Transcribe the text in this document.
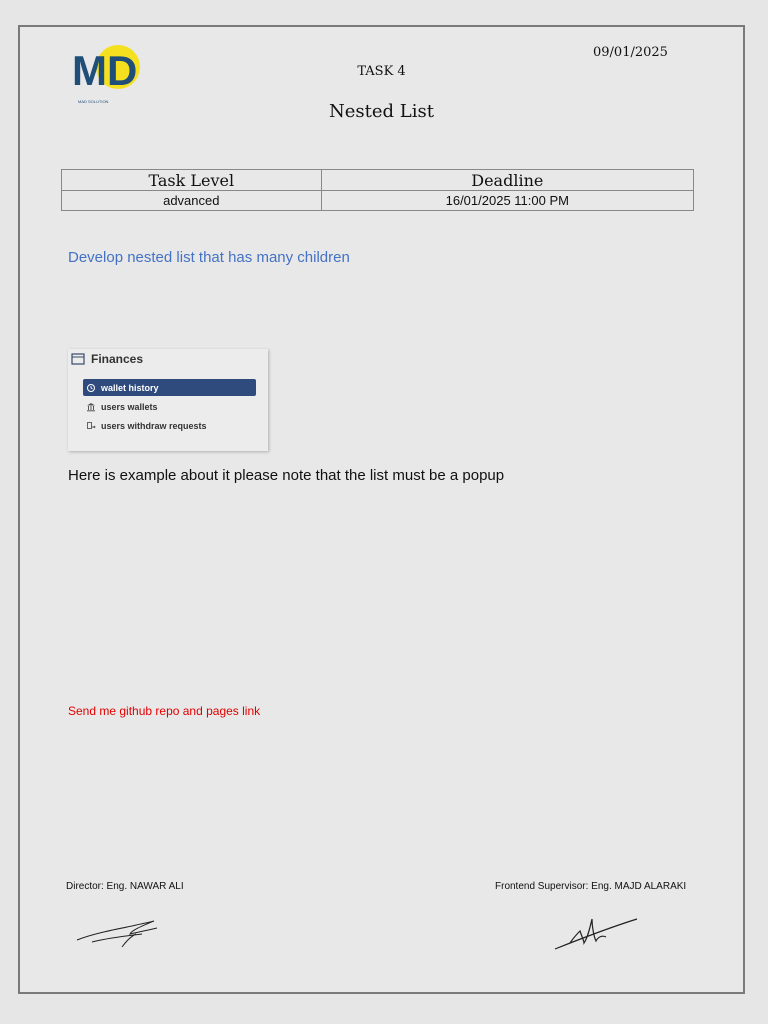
MD
MAD SOLUTION
09/01/2025
TASK 4
Nested List
Task Level	Deadline
advanced	16/01/2025 11:00 PM
Develop nested list that has many children
Finances
wallet history
users wallets
users withdraw requests
Here is example about it please note that the list must be a popup
Send me github repo and pages link
Director: Eng. NAWAR ALI	Frontend Supervisor: Eng. MAJD ALARAKI
